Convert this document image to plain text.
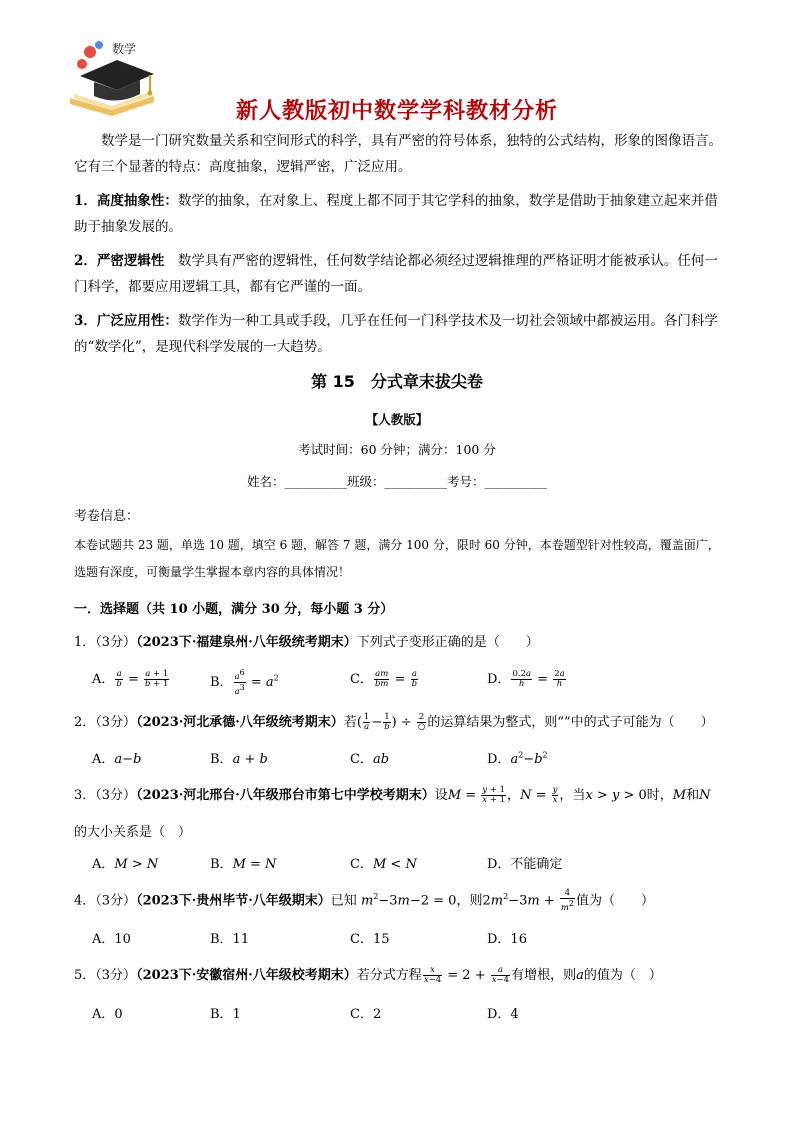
数学
新人教版初中数学学科教材分析
数学是一门研究数量关系和空间形式的科学，具有严密的符号体系，独特的公式结构，形象的图像语言。它有三个显著的特点：高度抽象，逻辑严密，广泛应用。
1．高度抽象性：数学的抽象，在对象上、程度上都不同于其它学科的抽象，数学是借助于抽象建立起来并借助于抽象发展的。
2．严密逻辑性　数学具有严密的逻辑性，任何数学结论都必须经过逻辑推理的严格证明才能被承认。任何一门科学，都要应用逻辑工具，都有它严谨的一面。
3．广泛应用性：数学作为一种工具或手段，几乎在任何一门科学技术及一切社会领域中都被运用。各门科学的“数学化”，是现代科学发展的一大趋势。
第 15　分式章末拔尖卷
【人教版】
考试时间：60 分钟；满分：100 分
姓名：__________班级：__________考号：__________
考卷信息：
本卷试题共 23 题，单选 10 题，填空 6 题，解答 7 题，满分 100 分，限时 60 分钟，本卷题型针对性较高，覆盖面广，选题有深度，可衡量学生掌握本章内容的具体情况！
一．选择题（共 10 小题，满分 30 分，每小题 3 分）
1．（3分）（2023下·福建泉州·八年级统考期末）下列式子变形正确的是（　　）
A． $\frac{a}{b} = \frac{a + 1}{b + 1}$	B． $\frac{a^6}{a^3} = a^2$	C． $\frac{am}{bm} = \frac{a}{b}$	D． $\frac{0.2a}{h} = \frac{2a}{h}$
2．（3分）（2023·河北承德·八年级统考期末）若( $\frac{1}{a} - \frac{1}{b}$ ) ÷ $\frac{2}{○}$ 的运算结果为整式，则“”中的式子可能为（　　）
A．a−b	B．a + b	C．ab	D．$a^2-b^2$
3．（3分）（2023·河北邢台·八年级邢台市第七中学校考期末）设$M = \frac{y + 1}{x + 1}$ ，$N = \frac{y}{x}$ ，当x > y > 0时，M和N
的大小关系是（　）
A．M > N	B．M = N	C．M < N	D．不能确定
4．（3分）（2023下·贵州毕节·八年级期末）已知 $m^2-3m-2 = 0$，则$2m^2-3m + \frac{4}{m^2}$ 值为（　　）
A．10	B．11	C．15	D．16
5．（3分）（2023下·安徽宿州·八年级校考期末）若分式方程 $\frac{x}{x-4} = 2 + \frac{a}{x-4}$ 有增根，则a的值为（　）
A．0	B．1	C．2	D．4
